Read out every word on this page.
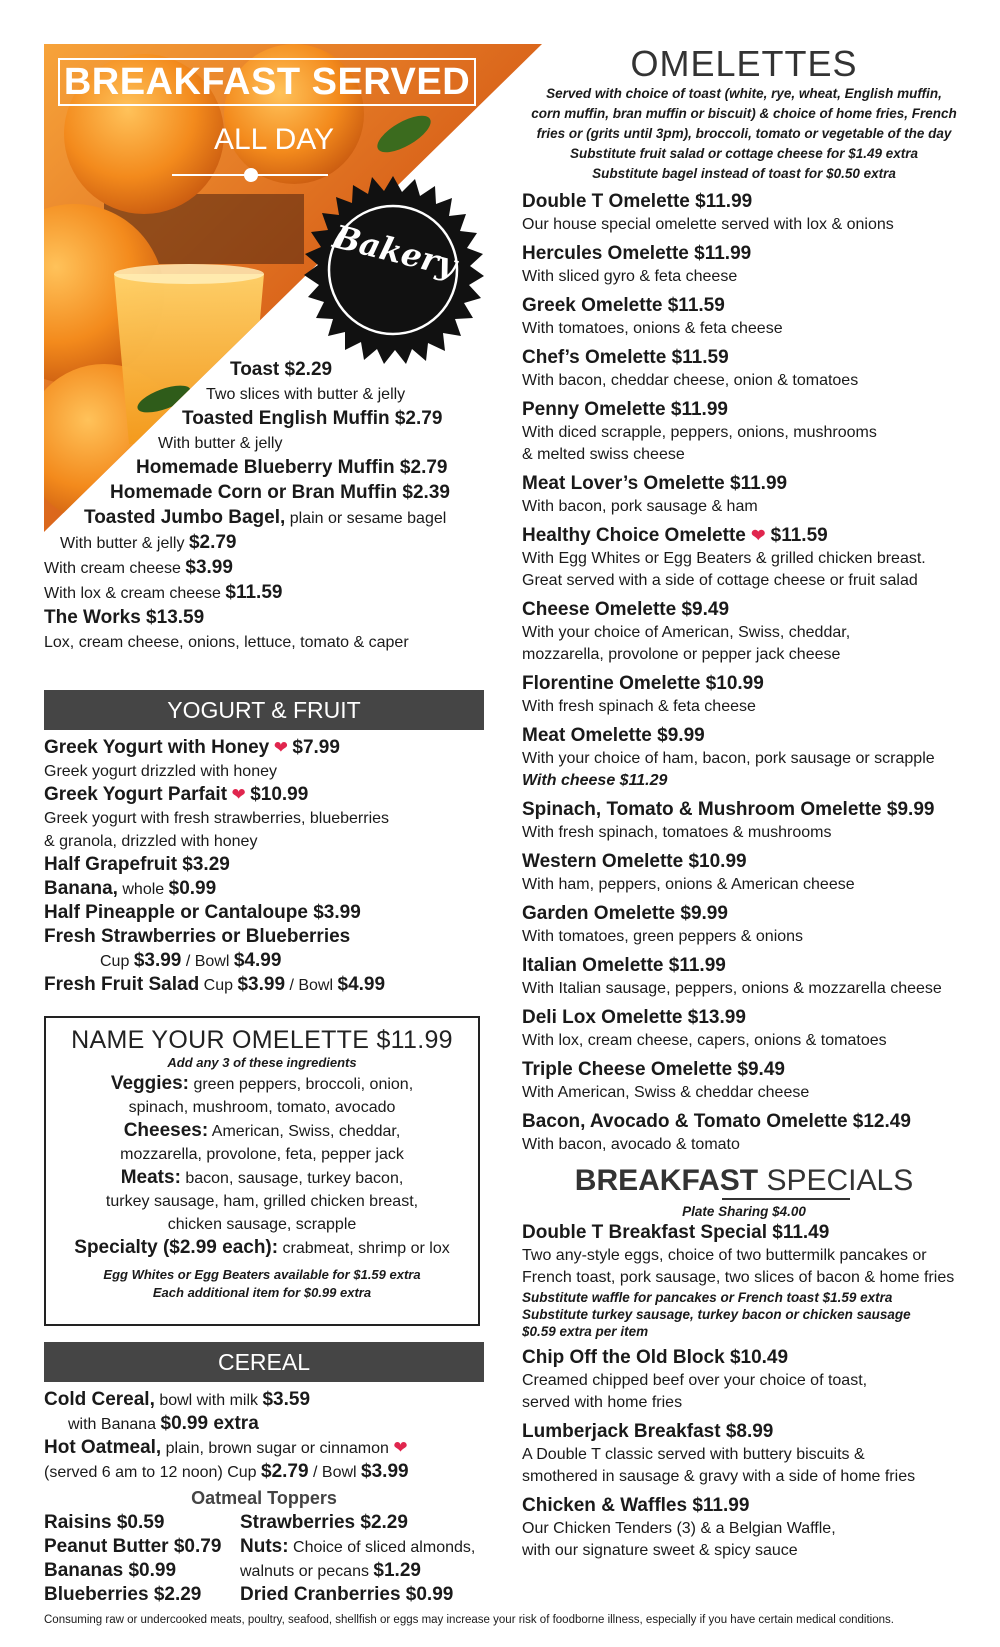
BREAKFAST SERVED
ALL DAY
Bakery
Toast $2.29
Two slices with butter & jelly
Toasted English Muffin $2.79
With butter & jelly
Homemade Blueberry Muffin $2.79
Homemade Corn or Bran Muffin $2.39
Toasted Jumbo Bagel, plain or sesame bagel
With butter & jelly $2.79
With cream cheese $3.99
With lox & cream cheese $11.59
The Works $13.59
Lox, cream cheese, onions, lettuce, tomato & caper
YOGURT & FRUIT
Greek Yogurt with Honey ❤ $7.99
Greek yogurt drizzled with honey
Greek Yogurt Parfait ❤ $10.99
Greek yogurt with fresh strawberries, blueberries
& granola, drizzled with honey
Half Grapefruit $3.29
Banana, whole $0.99
Half Pineapple or Cantaloupe $3.99
Fresh Strawberries or Blueberries
Cup $3.99 / Bowl $4.99
Fresh Fruit Salad Cup $3.99 / Bowl $4.99
NAME YOUR OMELETTE $11.99
Add any 3 of these ingredients
Veggies: green peppers, broccoli, onion,
spinach, mushroom, tomato, avocado
Cheeses: American, Swiss, cheddar,
mozzarella, provolone, feta, pepper jack
Meats: bacon, sausage, turkey bacon,
turkey sausage, ham, grilled chicken breast,
chicken sausage, scrapple
Specialty ($2.99 each): crabmeat, shrimp or lox
Egg Whites or Egg Beaters available for $1.59 extra
Each additional item for $0.99 extra
CEREAL
Cold Cereal, bowl with milk $3.59
with Banana $0.99 extra
Hot Oatmeal, plain, brown sugar or cinnamon ❤
(served 6 am to 12 noon) Cup $2.79 / Bowl $3.99
Oatmeal Toppers
Raisins $0.59
Peanut Butter $0.79
Bananas $0.99
Blueberries $2.29
Strawberries $2.29
Nuts: Choice of sliced almonds,
walnuts or pecans $1.29
Dried Cranberries $0.99
OMELETTES
Served with choice of toast (white, rye, wheat, English muffin,
corn muffin, bran muffin or biscuit) & choice of home fries, French
fries or (grits until 3pm), broccoli, tomato or vegetable of the day
Substitute fruit salad or cottage cheese for $1.49 extra
Substitute bagel instead of toast for $0.50 extra
Double T Omelette $11.99
Our house special omelette served with lox & onions
Hercules Omelette $11.99
With sliced gyro & feta cheese
Greek Omelette $11.59
With tomatoes, onions & feta cheese
Chef’s Omelette $11.59
With bacon, cheddar cheese, onion & tomatoes
Penny Omelette $11.99
With diced scrapple, peppers, onions, mushrooms
& melted swiss cheese
Meat Lover’s Omelette $11.99
With bacon, pork sausage & ham
Healthy Choice Omelette ❤ $11.59
With Egg Whites or Egg Beaters & grilled chicken breast.
Great served with a side of cottage cheese or fruit salad
Cheese Omelette $9.49
With your choice of American, Swiss, cheddar,
mozzarella, provolone or pepper jack cheese
Florentine Omelette $10.99
With fresh spinach & feta cheese
Meat Omelette $9.99
With your choice of ham, bacon, pork sausage or scrapple
With cheese $11.29
Spinach, Tomato & Mushroom Omelette $9.99
With fresh spinach, tomatoes & mushrooms
Western Omelette $10.99
With ham, peppers, onions & American cheese
Garden Omelette $9.99
With tomatoes, green peppers & onions
Italian Omelette $11.99
With Italian sausage, peppers, onions & mozzarella cheese
Deli Lox Omelette $13.99
With lox, cream cheese, capers, onions & tomatoes
Triple Cheese Omelette $9.49
With American, Swiss & cheddar cheese
Bacon, Avocado & Tomato Omelette $12.49
With bacon, avocado & tomato
BREAKFAST SPECIALS
Plate Sharing $4.00
Double T Breakfast Special $11.49
Two any-style eggs, choice of two buttermilk pancakes or
French toast, pork sausage, two slices of bacon & home fries
Substitute waffle for pancakes or French toast $1.59 extra
Substitute turkey sausage, turkey bacon or chicken sausage
$0.59 extra per item
Chip Off the Old Block $10.49
Creamed chipped beef over your choice of toast,
served with home fries
Lumberjack Breakfast $8.99
A Double T classic served with buttery biscuits &
smothered in sausage & gravy with a side of home fries
Chicken & Waffles $11.99
Our Chicken Tenders (3) & a Belgian Waffle,
with our signature sweet & spicy sauce
Consuming raw or undercooked meats, poultry, seafood, shellfish or eggs may increase your risk of foodborne illness, especially if you have certain medical conditions.
